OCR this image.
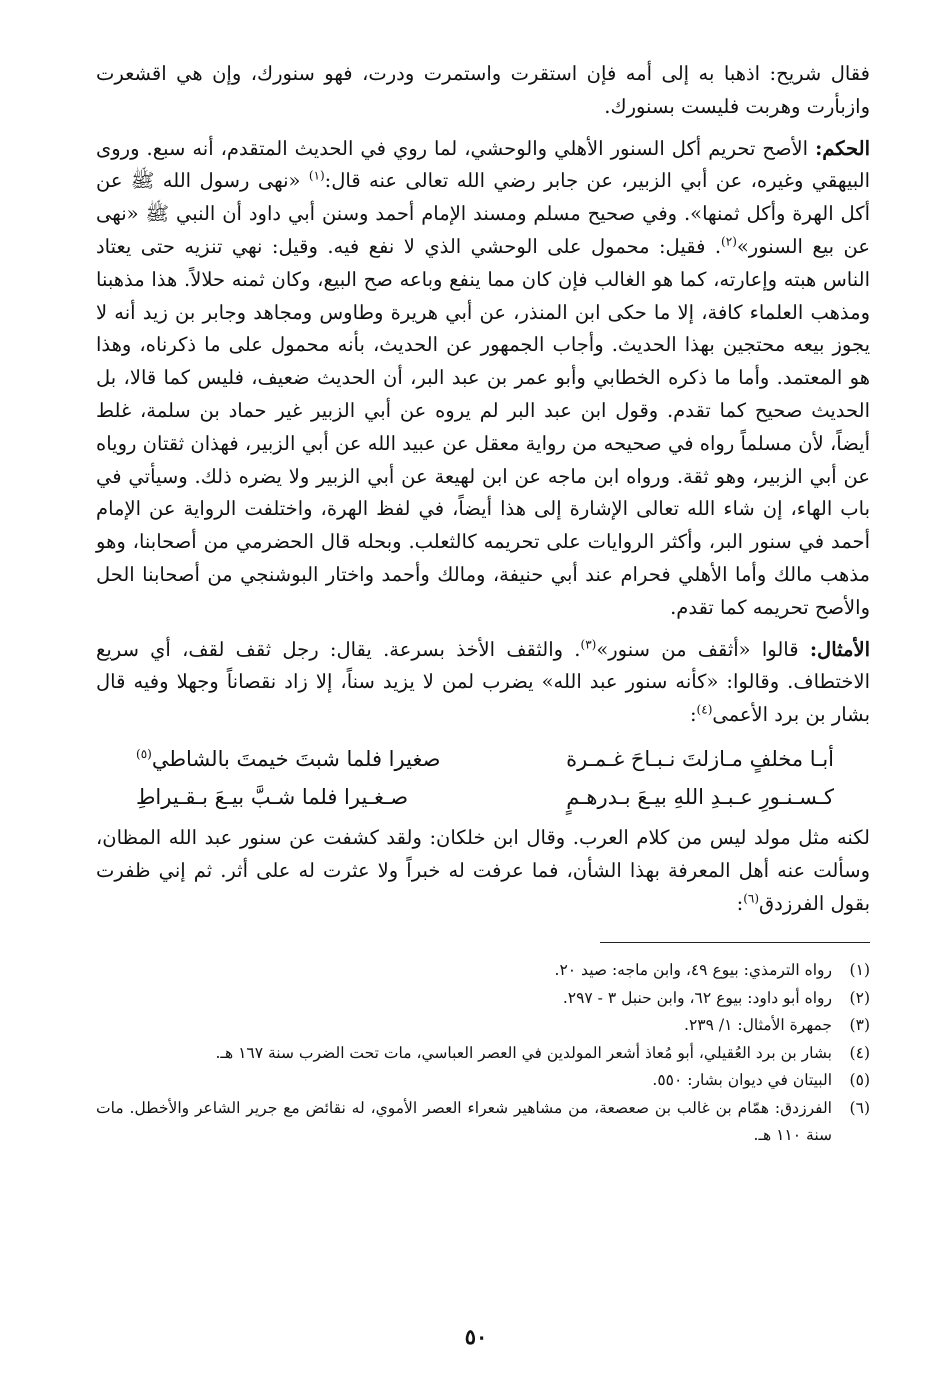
فقال شريح: اذهبا به إلى أمه فإن استقرت واستمرت ودرت، فهو سنورك، وإن هي اقشعرت وازبأرت وهربت فليست بسنورك.

الحكم: الأصح تحريم أكل السنور الأهلي والوحشي، لما روي في الحديث المتقدم، أنه سبع. وروى البيهقي وغيره، عن أبي الزبير، عن جابر رضي الله تعالى عنه قال:$^{(١)}$ «نهى رسول الله ﷺ عن أكل الهرة وأكل ثمنها». وفي صحيح مسلم ومسند الإمام أحمد وسنن أبي داود أن النبي ﷺ «نهى عن بيع السنور»$^{(٢)}$. فقيل: محمول على الوحشي الذي لا نفع فيه. وقيل: نهي تنزيه حتى يعتاد الناس هبته وإعارته، كما هو الغالب فإن كان مما ينفع وباعه صح البيع، وكان ثمنه حلالاً. هذا مذهبنا ومذهب العلماء كافة، إلا ما حكى ابن المنذر، عن أبي هريرة وطاوس ومجاهد وجابر بن زيد أنه لا يجوز بيعه محتجين بهذا الحديث. وأجاب الجمهور عن الحديث، بأنه محمول على ما ذكرناه، وهذا هو المعتمد. وأما ما ذكره الخطابي وأبو عمر بن عبد البر، أن الحديث ضعيف، فليس كما قالا، بل الحديث صحيح كما تقدم. وقول ابن عبد البر لم يروه عن أبي الزبير غير حماد بن سلمة، غلط أيضاً، لأن مسلماً رواه في صحيحه من رواية معقل عن عبيد الله عن أبي الزبير، فهذان ثقتان روياه عن أبي الزبير، وهو ثقة. ورواه ابن ماجه عن ابن لهيعة عن أبي الزبير ولا يضره ذلك. وسيأتي في باب الهاء، إن شاء الله تعالى الإشارة إلى هذا أيضاً، في لفظ الهرة، واختلفت الرواية عن الإمام أحمد في سنور البر، وأكثر الروايات على تحريمه كالثعلب. وبحله قال الحضرمي من أصحابنا، وهو مذهب مالك وأما الأهلي فحرام عند أبي حنيفة، ومالك وأحمد واختار البوشنجي من أصحابنا الحل والأصح تحريمه كما تقدم.

الأمثال: قالوا «أثقف من سنور»$^{(٣)}$. والثقف الأخذ بسرعة. يقال: رجل ثقف لقف، أي سريع الاختطاف. وقالوا: «كأنه سنور عبد الله» يضرب لمن لا يزيد سناً، إلا زاد نقصاناً وجهلا وفيه قال بشار بن برد الأعمى$^{(٤)}$:

أبـا مخلفٍ مـازلتَ نـبـاحَ غـمـرة
صغيرا فلما شبتَ خيمتَ بالشاطي$^{(٥)}$
كـسـنـورِ عـبـدِ اللهِ بيـعَ بـدرهـمٍ
صـغـيرا فلما شـبَّ بيـعَ بـقـيراطِ

لكنه مثل مولد ليس من كلام العرب. وقال ابن خلكان: ولقد كشفت عن سنور عبد الله المظان، وسألت عنه أهل المعرفة بهذا الشأن، فما عرفت له خبراً ولا عثرت له على أثر. ثم إني ظفرت بقول الفرزدق$^{(٦)}$:

(١)
رواه الترمذي: بيوع ٤٩، وابن ماجه: صيد ٢٠.
(٢)
رواه أبو داود: بيوع ٦٢، وابن حنبل ٣ - ٢٩٧.
(٣)
جمهرة الأمثال: ١/ ٢٣٩.
(٤)
بشار بن برد العُقيلي، أبو مُعاذ أشعر المولدين في العصر العباسي، مات تحت الضرب سنة ١٦٧ هـ.
(٥)
البيتان في ديوان بشار: ٥٥٠.
(٦)
الفرزدق: همّام بن غالب بن صعصعة، من مشاهير شعراء العصر الأموي، له نقائض مع جرير الشاعر والأخطل. مات سنة ١١٠ هـ.
٥٠
